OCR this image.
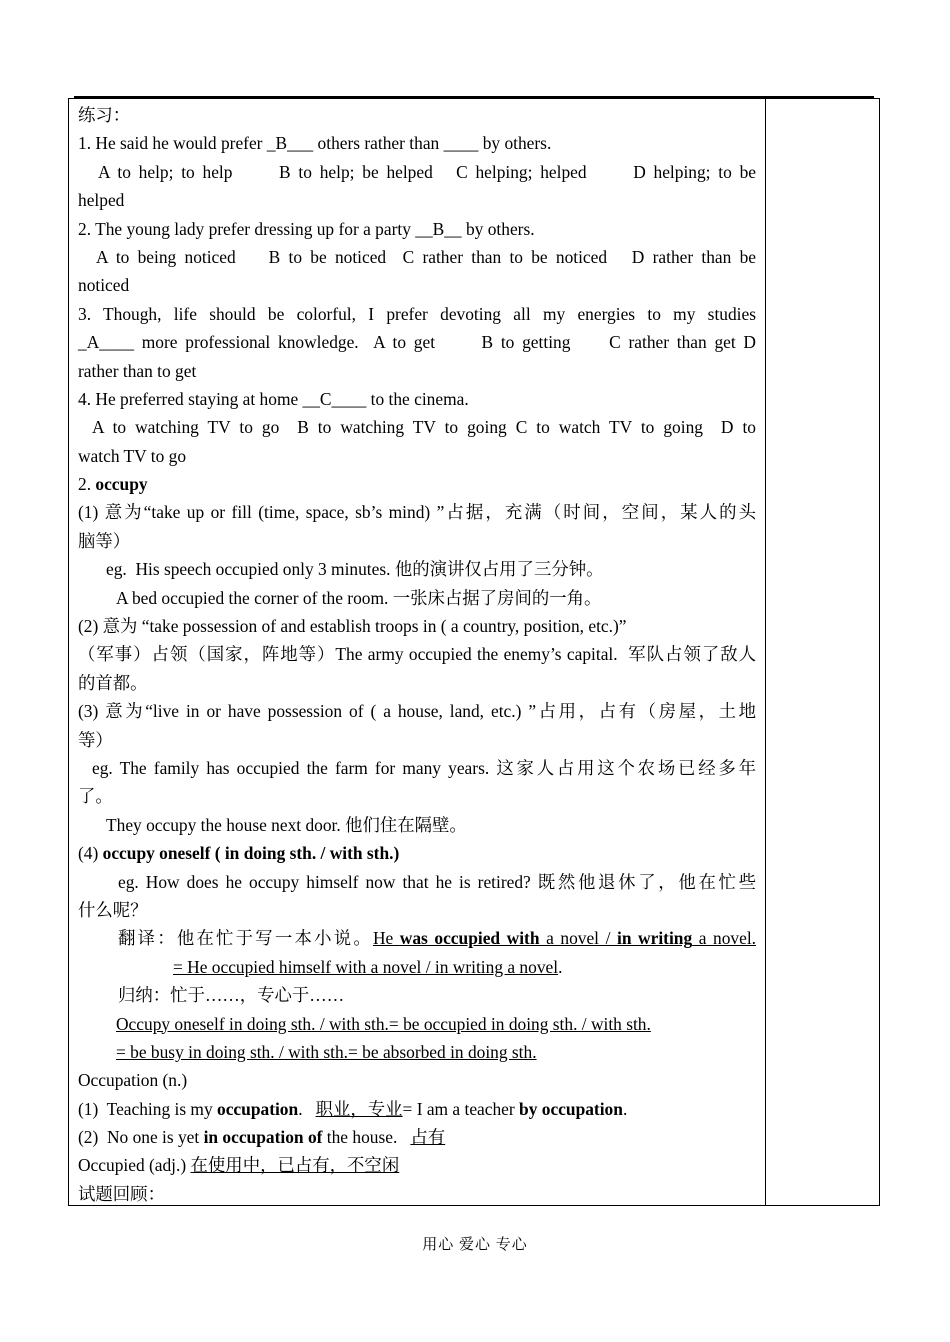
练习：
1. He said he would prefer _B___ others rather than ____ by others.
A to help; to help      B to help; be helped   C helping; helped      D helping; to be
helped
2. The young lady prefer dressing up for a party __B__ by others.
A to being noticed    B to be noticed  C rather than to be noticed   D rather than be
noticed
3. Though, life should be colorful, I prefer devoting all my energies to my studies
_A____ more professional knowledge.  A to get      B to getting     C rather than get D
rather than to get
4. He preferred staying at home __C____ to the cinema.
A to watching TV to go  B to watching TV to going C to watch TV to going  D to
watch TV to go
2. occupy
(1) 意为“take up or fill (time, space, sb’s mind) ”占据，充满（时间，空间，某人的头
脑等）
eg.  His speech occupied only 3 minutes. 他的演讲仅占用了三分钟。
A bed occupied the corner of the room. 一张床占据了房间的一角。
(2) 意为 “take possession of and establish troops in ( a country, position, etc.)”
（军事）占领（国家，阵地等）The army occupied the enemy’s capital.  军队占领了敌人
的首都。
(3) 意为“live in or have possession of ( a house, land, etc.) ”占用，占有（房屋，土地
等）
eg. The family has occupied the farm for many years. 这家人占用这个农场已经多年
了。
They occupy the house next door. 他们住在隔壁。
(4) occupy oneself ( in doing sth. / with sth.)
eg. How does he occupy himself now that he is retired? 既然他退休了，他在忙些
什么呢？
翻译：他在忙于写一本小说。He was occupied with a novel / in writing a novel.
= He occupied himself with a novel / in writing a novel.
归纳：忙于……，专心于……
Occupy oneself in doing sth. / with sth.= be occupied in doing sth. / with sth.
= be busy in doing sth. / with sth.= be absorbed in doing sth.
Occupation (n.)
(1)  Teaching is my occupation.   职业，专业= I am a teacher by occupation.
(2)  No one is yet in occupation of the house.   占有
Occupied (adj.) 在使用中，已占有，不空闲
试题回顾：
用心 爱心 专心
